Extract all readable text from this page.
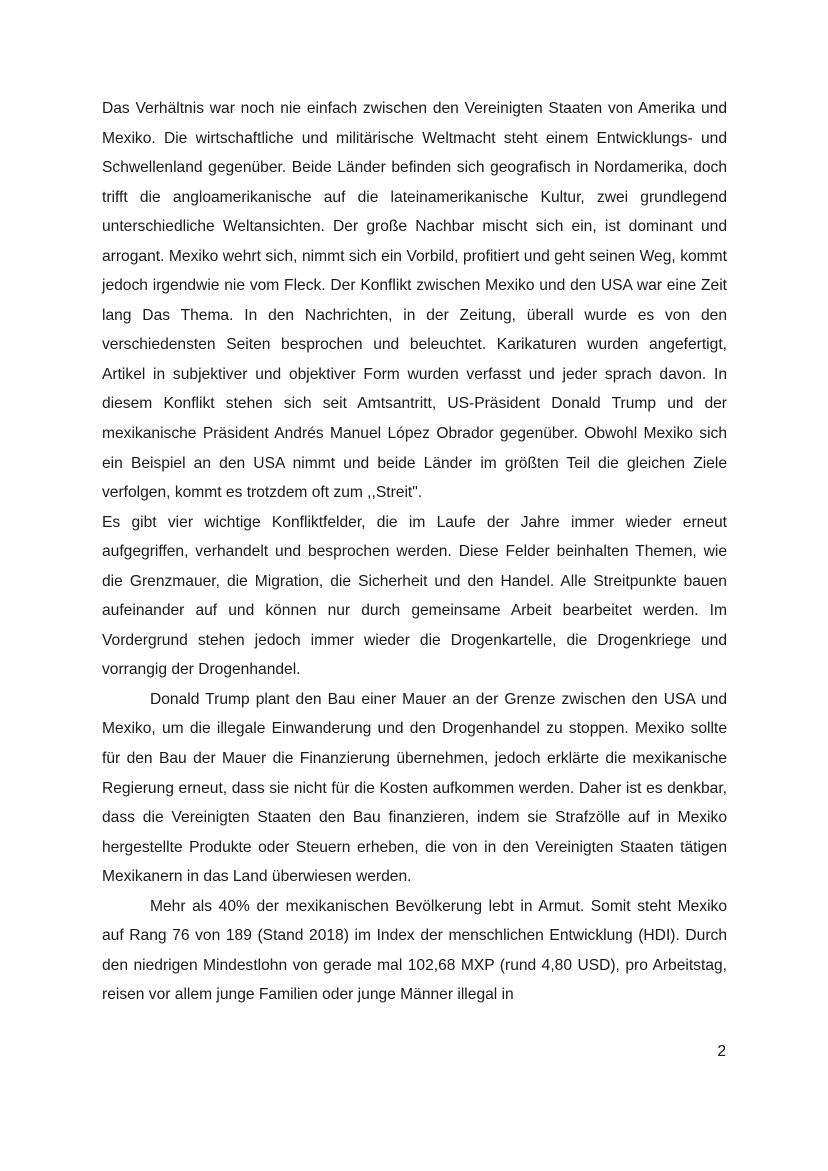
Das Verhältnis war noch nie einfach zwischen den Vereinigten Staaten von Amerika und Mexiko. Die wirtschaftliche und militärische Weltmacht steht einem Entwicklungs- und Schwellenland gegenüber. Beide Länder befinden sich geografisch in Nordamerika, doch trifft die angloamerikanische auf die lateinamerikanische Kultur, zwei grundlegend unterschiedliche Weltansichten. Der große Nachbar mischt sich ein, ist dominant und arrogant. Mexiko wehrt sich, nimmt sich ein Vorbild, profitiert und geht seinen Weg, kommt jedoch irgendwie nie vom Fleck. Der Konflikt zwischen Mexiko und den USA war eine Zeit lang Das Thema. In den Nachrichten, in der Zeitung, überall wurde es von den verschiedensten Seiten besprochen und beleuchtet. Karikaturen wurden angefertigt, Artikel in subjektiver und objektiver Form wurden verfasst und jeder sprach davon. In diesem Konflikt stehen sich seit Amtsantritt, US-Präsident Donald Trump und der mexikanische Präsident Andrés Manuel López Obrador gegenüber. Obwohl Mexiko sich ein Beispiel an den USA nimmt und beide Länder im größten Teil die gleichen Ziele verfolgen, kommt es trotzdem oft zum ,,Streit".

Es gibt vier wichtige Konfliktfelder, die im Laufe der Jahre immer wieder erneut aufgegriffen, verhandelt und besprochen werden. Diese Felder beinhalten Themen, wie die Grenzmauer, die Migration, die Sicherheit und den Handel. Alle Streitpunkte bauen aufeinander auf und können nur durch gemeinsame Arbeit bearbeitet werden. Im Vordergrund stehen jedoch immer wieder die Drogenkartelle, die Drogenkriege und vorrangig der Drogenhandel.

Donald Trump plant den Bau einer Mauer an der Grenze zwischen den USA und Mexiko, um die illegale Einwanderung und den Drogenhandel zu stoppen. Mexiko sollte für den Bau der Mauer die Finanzierung übernehmen, jedoch erklärte die mexikanische Regierung erneut, dass sie nicht für die Kosten aufkommen werden. Daher ist es denkbar, dass die Vereinigten Staaten den Bau finanzieren, indem sie Strafzölle auf in Mexiko hergestellte Produkte oder Steuern erheben, die von in den Vereinigten Staaten tätigen Mexikanern in das Land überwiesen werden.

Mehr als 40% der mexikanischen Bevölkerung lebt in Armut. Somit steht Mexiko auf Rang 76 von 189 (Stand 2018) im Index der menschlichen Entwicklung (HDI). Durch den niedrigen Mindestlohn von gerade mal 102,68 MXP (rund 4,80 USD), pro Arbeitstag, reisen vor allem junge Familien oder junge Männer illegal in

2
